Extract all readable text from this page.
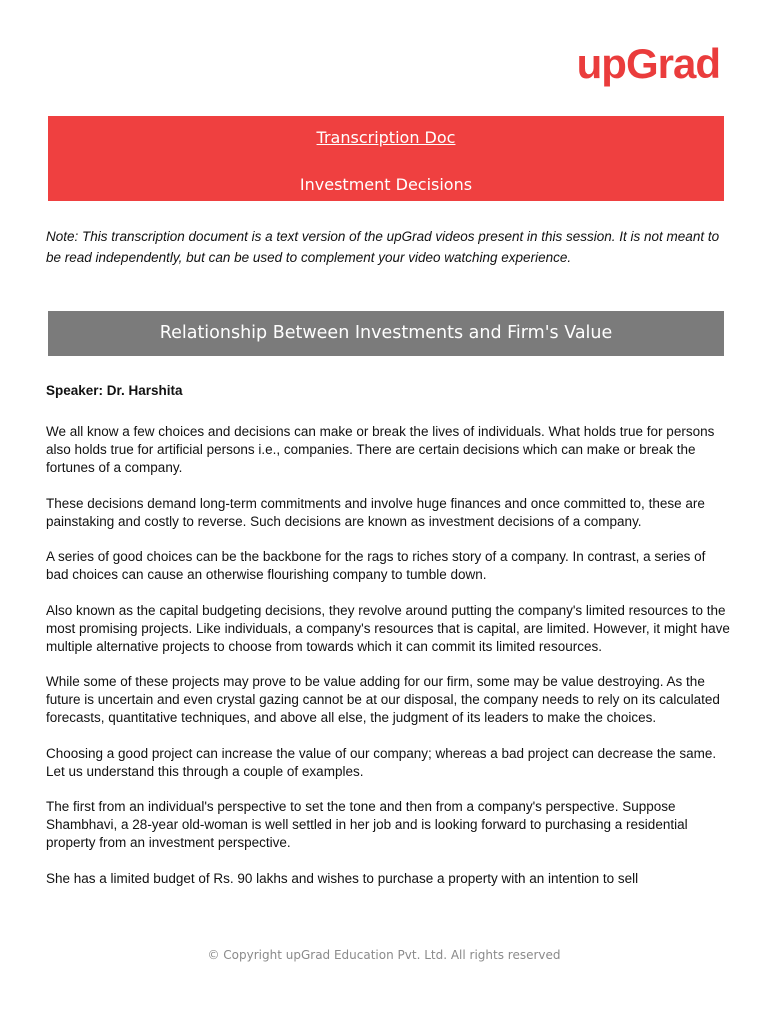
upGrad
Transcription Doc
Investment Decisions

Note: This transcription document is a text version of the upGrad videos present in this session. It is not meant to be read independently, but can be used to complement your video watching experience.

Relationship Between Investments and Firm's Value

Speaker: Dr. Harshita

We all know a few choices and decisions can make or break the lives of individuals. What holds true for persons also holds true for artificial persons i.e., companies. There are certain decisions which can make or break the fortunes of a company.

These decisions demand long-term commitments and involve huge finances and once committed to, these are painstaking and costly to reverse. Such decisions are known as investment decisions of a company.

A series of good choices can be the backbone for the rags to riches story of a company. In contrast, a series of bad choices can cause an otherwise flourishing company to tumble down.

Also known as the capital budgeting decisions, they revolve around putting the company's limited resources to the most promising projects. Like individuals, a company's resources that is capital, are limited. However, it might have multiple alternative projects to choose from towards which it can commit its limited resources.

While some of these projects may prove to be value adding for our firm, some may be value destroying. As the future is uncertain and even crystal gazing cannot be at our disposal, the company needs to rely on its calculated forecasts, quantitative techniques, and above all else, the judgment of its leaders to make the choices.

Choosing a good project can increase the value of our company; whereas a bad project can decrease the same. Let us understand this through a couple of examples.

The first from an individual's perspective to set the tone and then from a company's perspective. Suppose Shambhavi, a 28-year old-woman is well settled in her job and is looking forward to purchasing a residential property from an investment perspective.

She has a limited budget of Rs. 90 lakhs and wishes to purchase a property with an intention to sell

© Copyright upGrad Education Pvt. Ltd. All rights reserved
